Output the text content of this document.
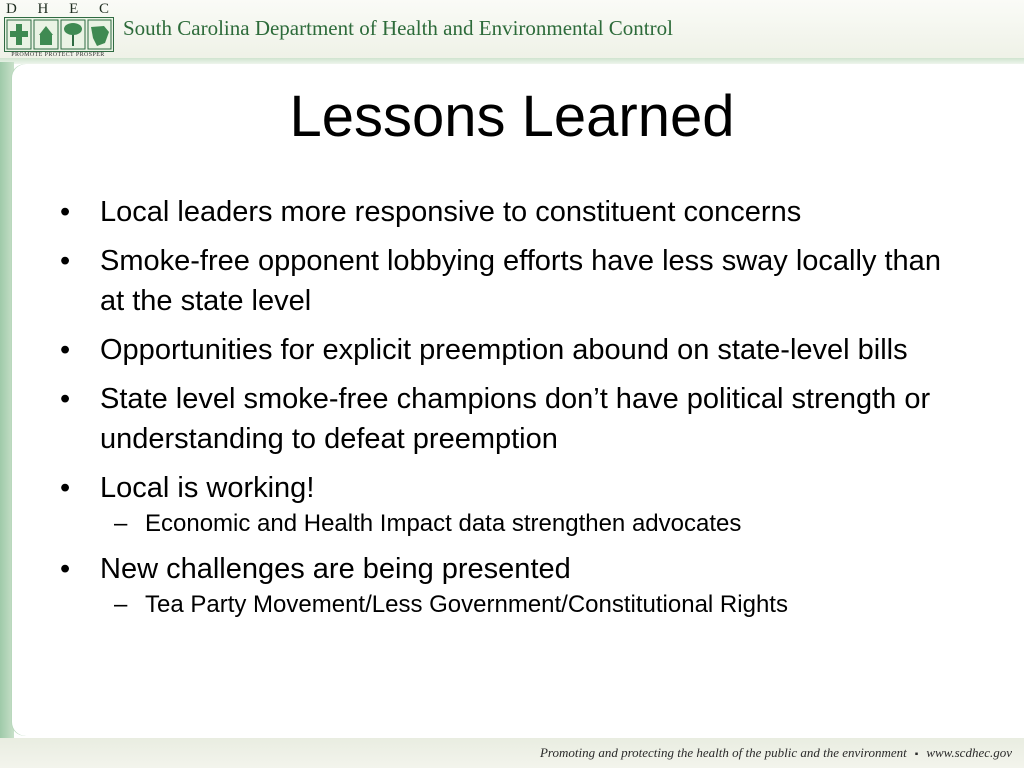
D H E C
PROMOTE PROTECT PROSPER
South Carolina Department of Health and Environmental Control
Lessons Learned
•	Local leaders more responsive to constituent concerns
•	Smoke-free opponent lobbying efforts have less sway locally than at the state level
•	Opportunities for explicit preemption abound on state-level bills
•	State level smoke-free champions don’t have political strength or understanding to defeat preemption
•	Local is working!
– Economic and Health Impact data strengthen advocates
•	New challenges are being presented
– Tea Party Movement/Less Government/Constitutional Rights
Promoting and protecting the health of the public and the environment ▪ www.scdhec.gov
